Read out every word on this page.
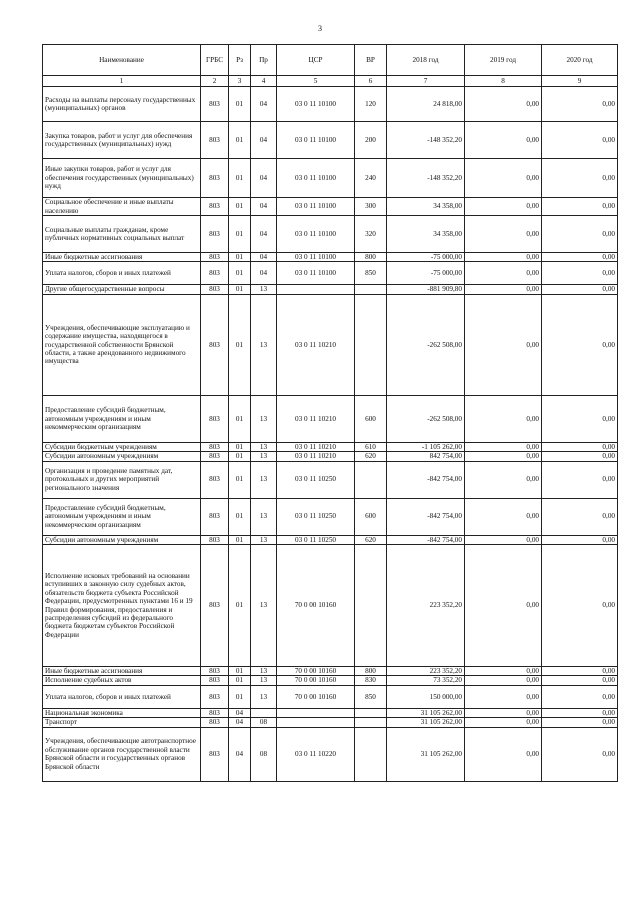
3
Наименование	ГРБС	Рз	Пр	ЦСР	ВР	2018 год	2019 год	2020 год
1	2	3	4	5	6	7	8	9
Расходы на выплаты персоналу государственных (муниципальных) органов	803	01	04	03 0 11 10100	120	24 818,00	0,00	0,00
Закупка товаров, работ и услуг для обеспечения государственных (муниципальных) нужд	803	01	04	03 0 11 10100	200	-148 352,20	0,00	0,00
Иные закупки товаров, работ и услуг для обеспечения государственных (муниципальных) нужд	803	01	04	03 0 11 10100	240	-148 352,20	0,00	0,00
Социальное обеспечение и иные выплаты населению	803	01	04	03 0 11 10100	300	34 358,00	0,00	0,00
Социальные выплаты гражданам, кроме публичных нормативных социальных выплат	803	01	04	03 0 11 10100	320	34 358,00	0,00	0,00
Иные бюджетные ассигнования	803	01	04	03 0 11 10100	800	-75 000,00	0,00	0,00
Уплата налогов, сборов и иных платежей	803	01	04	03 0 11 10100	850	-75 000,00	0,00	0,00
Другие общегосударственные вопросы	803	01	13			-881 909,80	0,00	0,00
Учреждения, обеспечивающие эксплуатацию и содержание имущества, находящегося в государственной собственности Брянской области, а также арендованного недвижимого имущества	803	01	13	03 0 11 10210		-262 508,00	0,00	0,00
Предоставление субсидий бюджетным, автономным учреждениям и иным некоммерческим организациям	803	01	13	03 0 11 10210	600	-262 508,00	0,00	0,00
Субсидии бюджетным учреждениям	803	01	13	03 0 11 10210	610	-1 105 262,00	0,00	0,00
Субсидии автономным учреждениям	803	01	13	03 0 11 10210	620	842 754,00	0,00	0,00
Организация и проведение памятных дат, протокольных и других мероприятий регионального значения	803	01	13	03 0 11 10250		-842 754,00	0,00	0,00
Предоставление субсидий бюджетным, автономным учреждениям и иным некоммерческим организациям	803	01	13	03 0 11 10250	600	-842 754,00	0,00	0,00
Субсидии автономным учреждениям	803	01	13	03 0 11 10250	620	-842 754,00	0,00	0,00
Исполнение исковых требований на основании вступивших в законную силу судебных актов, обязательств бюджета субъекта Российской Федерации, предусмотренных пунктами 16 и 19 Правил формирования, предоставления и распределения субсидий из федерального бюджета бюджетам субъектов Российской Федерации	803	01	13	70 0 00 10160		223 352,20	0,00	0,00
Иные бюджетные ассигнования	803	01	13	70 0 00 10160	800	223 352,20	0,00	0,00
Исполнение судебных актов	803	01	13	70 0 00 10160	830	73 352,20	0,00	0,00
Уплата налогов, сборов и иных платежей	803	01	13	70 0 00 10160	850	150 000,00	0,00	0,00
Национальная экономика	803	04				31 105 262,00	0,00	0,00
Транспорт	803	04	08			31 105 262,00	0,00	0,00
Учреждения, обеспечивающие автотранспортное обслуживание органов государственной власти Брянской области и государственных органов Брянской области	803	04	08	03 0 11 10220		31 105 262,00	0,00	0,00
